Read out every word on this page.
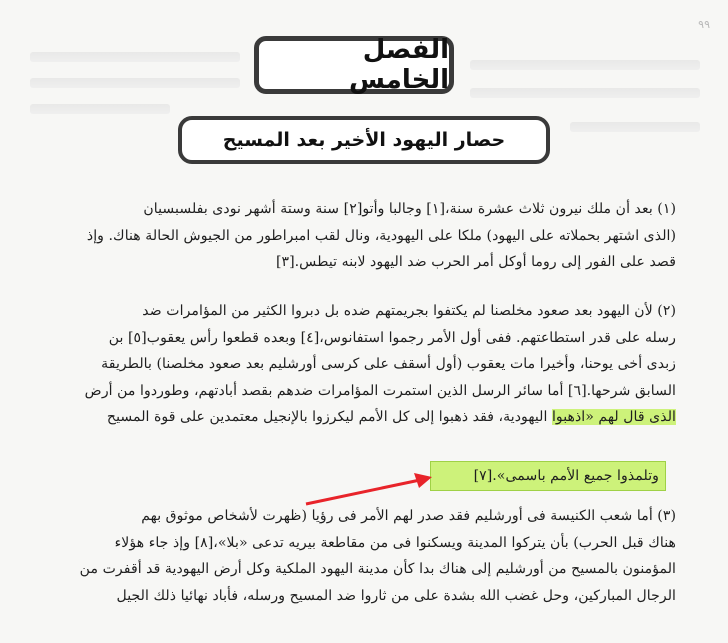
٩٩
الفصل الخامس
حصار اليهود الأخير بعد المسيح
(١) بعد أن ملك نيرون ثلاث عشرة سنة،[١] وجالبا وأتو[٢] سنة وستة أشهر نودى بفلسبسيان
(الذى اشتهر بحملاته على اليهود) ملكا على اليهودية، ونال لقب امبراطور من الجيوش الحالة هناك. وإذ
قصد على الفور إلى روما أوكل أمر الحرب ضد اليهود لابنه تيطس.[٣]
(٢) لأن اليهود بعد صعود مخلصنا لم يكتفوا بجريمتهم ضده بل دبروا الكثير من المؤامرات ضد
رسله على قدر استطاعتهم. ففى أول الأمر رجموا استفانوس،[٤] وبعده قطعوا رأس يعقوب[٥] بن
زبدى أخى يوحنا، وأخيرا مات يعقوب (أول أسقف على كرسى أورشليم بعد صعود مخلصنا) بالطريقة
السابق شرحها.[٦] أما سائر الرسل الذين استمرت المؤامرات ضدهم بقصد أبادتهم، وطوردوا من أرض
الذى قال لهم «اذهبوا اليهودية، فقد ذهبوا إلى كل الأمم ليكرزوا بالإنجيل معتمدين على قوة المسيح
وتلمذوا جميع الأمم باسمى».[٧]
(٣) أما شعب الكنيسة فى أورشليم فقد صدر لهم الأمر فى رؤيا (ظهرت لأشخاص موثوق بهم
هناك قبل الحرب) بأن يتركوا المدينة ويسكنوا فى من مقاطعة بيريه تدعى «بلا»،[٨] وإذ جاء هؤلاء
المؤمنون بالمسيح من أورشليم إلى هناك بدا كأن مدينة اليهود الملكية وكل أرض اليهودية قد أقفرت من
الرجال المباركين، وحل غضب الله بشدة على من ثاروا ضد المسيح ورسله، فأباد نهائيا ذلك الجيل
